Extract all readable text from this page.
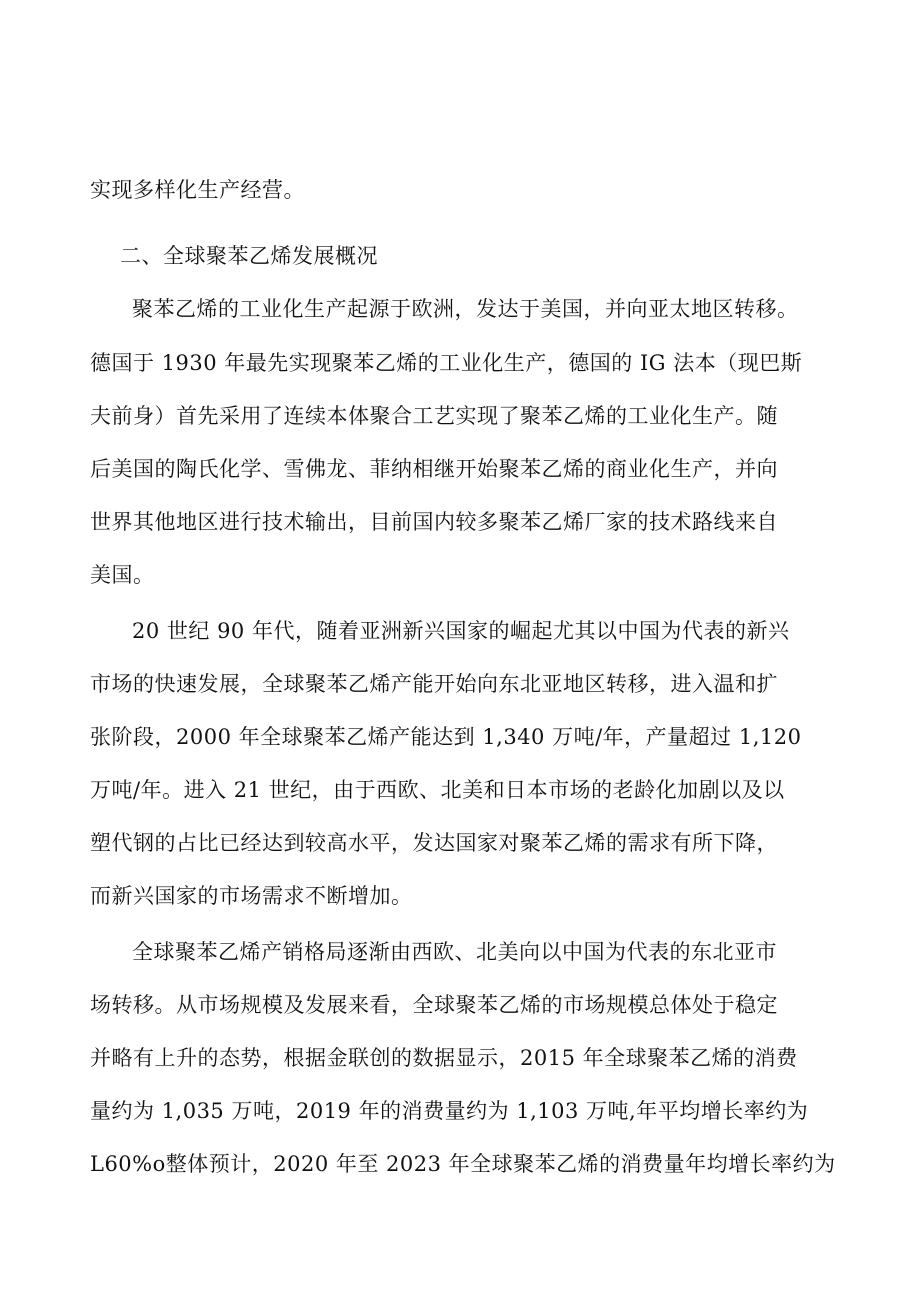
实现多样化生产经营。
二、全球聚苯乙烯发展概况
聚苯乙烯的工业化生产起源于欧洲，发达于美国，并向亚太地区转移。
德国于 1930 年最先实现聚苯乙烯的工业化生产，德国的 IG 法本（现巴斯
夫前身）首先采用了连续本体聚合工艺实现了聚苯乙烯的工业化生产。随
后美国的陶氏化学、雪佛龙、菲纳相继开始聚苯乙烯的商业化生产，并向
世界其他地区进行技术输出，目前国内较多聚苯乙烯厂家的技术路线来自
美国。
20 世纪 90 年代，随着亚洲新兴国家的崛起尤其以中国为代表的新兴
市场的快速发展，全球聚苯乙烯产能开始向东北亚地区转移，进入温和扩
张阶段，2000 年全球聚苯乙烯产能达到 1,340 万吨/年，产量超过 1,120
万吨/年。进入 21 世纪，由于西欧、北美和日本市场的老龄化加剧以及以
塑代钢的占比已经达到较高水平，发达国家对聚苯乙烯的需求有所下降，
而新兴国家的市场需求不断增加。
全球聚苯乙烯产销格局逐渐由西欧、北美向以中国为代表的东北亚市
场转移。从市场规模及发展来看，全球聚苯乙烯的市场规模总体处于稳定
并略有上升的态势，根据金联创的数据显示，2015 年全球聚苯乙烯的消费
量约为 1,035 万吨，2019 年的消费量约为 1,103 万吨,年平均增长率约为
L60%o整体预计，2020 年至 2023 年全球聚苯乙烯的消费量年均增长率约为
